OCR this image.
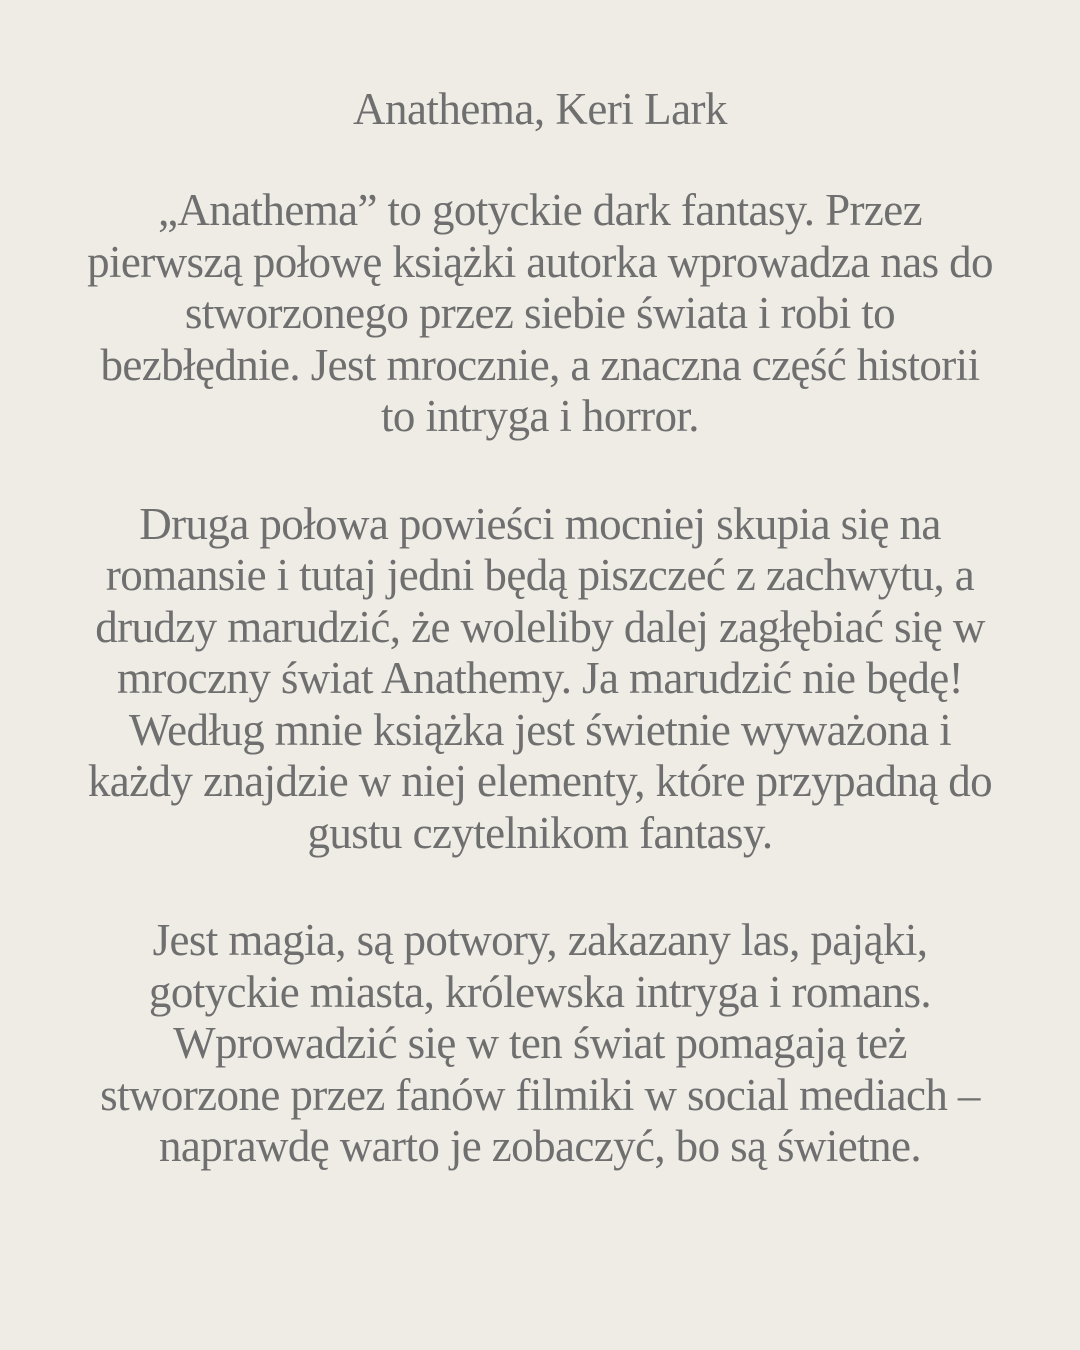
Anathema, Keri Lark

„Anathema” to gotyckie dark fantasy. Przez
pierwszą połowę książki autorka wprowadza nas do
stworzonego przez siebie świata i robi to
bezbłędnie. Jest mrocznie, a znaczna część historii
to intryga i horror.

Druga połowa powieści mocniej skupia się na
romansie i tutaj jedni będą piszczeć z zachwytu, a
drudzy marudzić, że woleliby dalej zagłębiać się w
mroczny świat Anathemy. Ja marudzić nie będę!
Według mnie książka jest świetnie wyważona i
każdy znajdzie w niej elementy, które przypadną do
gustu czytelnikom fantasy.

Jest magia, są potwory, zakazany las, pająki,
gotyckie miasta, królewska intryga i romans.
Wprowadzić się w ten świat pomagają też
stworzone przez fanów filmiki w social mediach –
naprawdę warto je zobaczyć, bo są świetne.
